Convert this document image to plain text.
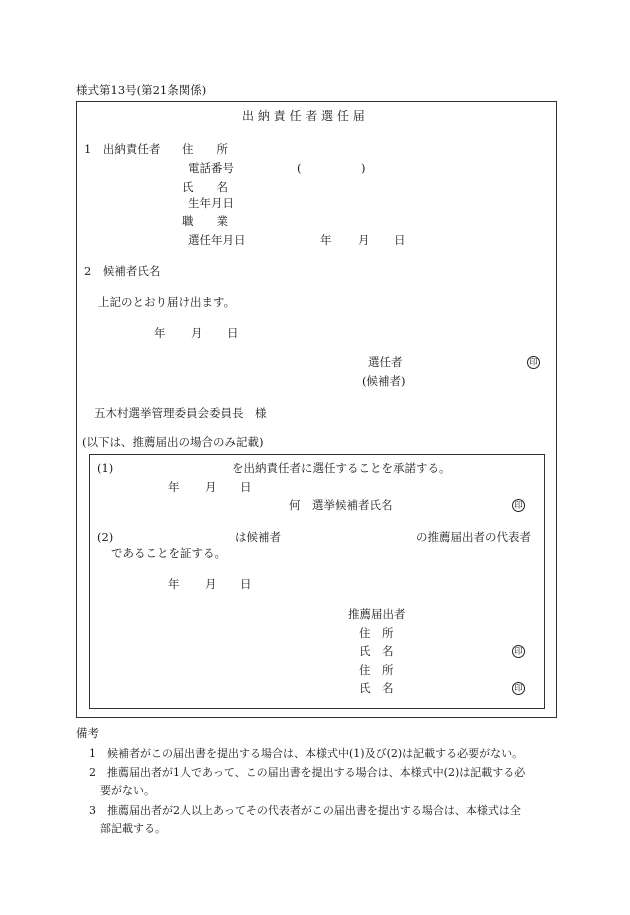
様式第13号(第21条関係)
出 納 責 任 者 選 任 届
1　出納責任者 住　　所
電話番号	(	)
氏　　名
生年月日
職　　業
選任年月日	年 月 日
2　候補者氏名
上記のとおり届け出ます。
年 月 日
選任者	印
(候補者)
五木村選挙管理委員会委員長　様
(以下は、推薦届出の場合のみ記載)
(1)	を出納責任者に選任することを承諾する。
年 月 日
何　選挙候補者氏名	印
(2)	は候補者	の推薦届出者の代表者
であることを証する。
年 月 日
推薦届出者
住　所
氏　名	印
住　所
氏　名	印
備考
1　候補者がこの届出書を提出する場合は、本様式中(1)及び(2)は記載する必要がない。
2　推薦届出者が1人であって、この届出書を提出する場合は、本様式中(2)は記載する必
要がない。
3　推薦届出者が2人以上あってその代表者がこの届出書を提出する場合は、本様式は全
部記載する。
